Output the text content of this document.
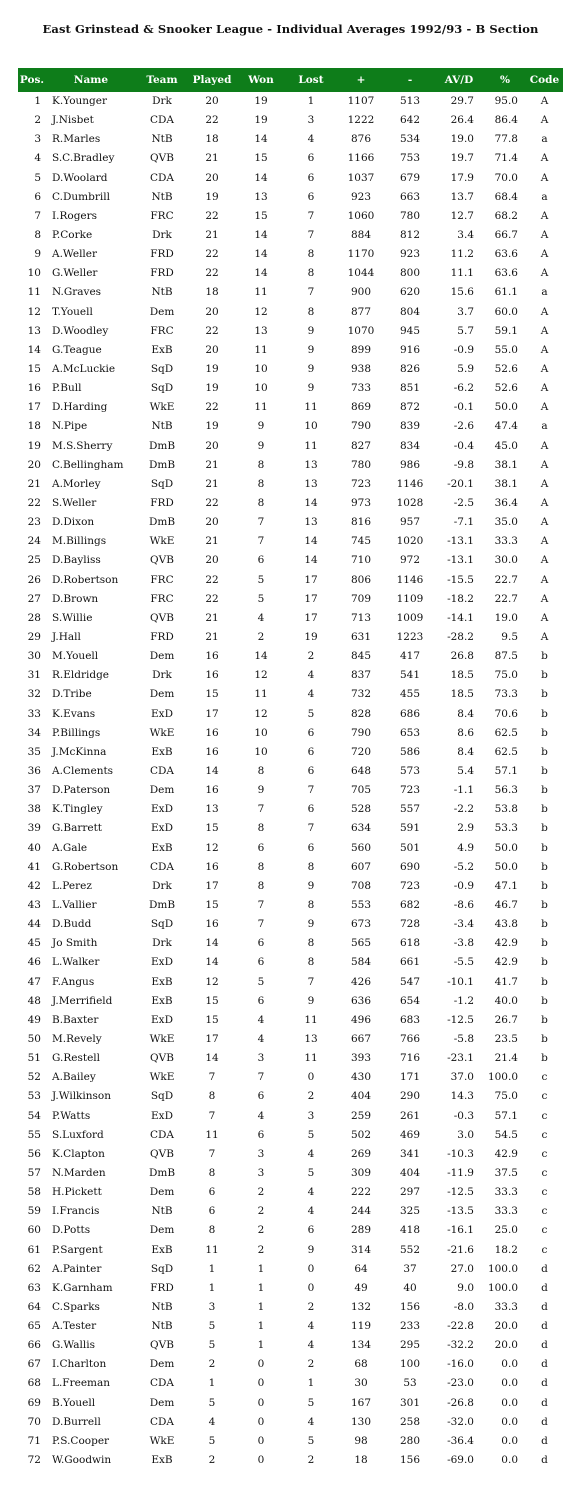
East Grinstead & Snooker League - Individual Averages 1992/93 - B Section
Pos.	Name	Team	Played	Won	Lost	+	-	AV/D	%	Code
1	K.Younger	Drk	20	19	1	1107	513	29.7	95.0	A
2	J.Nisbet	CDA	22	19	3	1222	642	26.4	86.4	A
3	R.Marles	NtB	18	14	4	876	534	19.0	77.8	a
4	S.C.Bradley	QVB	21	15	6	1166	753	19.7	71.4	A
5	D.Woolard	CDA	20	14	6	1037	679	17.9	70.0	A
6	C.Dumbrill	NtB	19	13	6	923	663	13.7	68.4	a
7	I.Rogers	FRC	22	15	7	1060	780	12.7	68.2	A
8	P.Corke	Drk	21	14	7	884	812	3.4	66.7	A
9	A.Weller	FRD	22	14	8	1170	923	11.2	63.6	A
10	G.Weller	FRD	22	14	8	1044	800	11.1	63.6	A
11	N.Graves	NtB	18	11	7	900	620	15.6	61.1	a
12	T.Youell	Dem	20	12	8	877	804	3.7	60.0	A
13	D.Woodley	FRC	22	13	9	1070	945	5.7	59.1	A
14	G.Teague	ExB	20	11	9	899	916	-0.9	55.0	A
15	A.McLuckie	SqD	19	10	9	938	826	5.9	52.6	A
16	P.Bull	SqD	19	10	9	733	851	-6.2	52.6	A
17	D.Harding	WkE	22	11	11	869	872	-0.1	50.0	A
18	N.Pipe	NtB	19	9	10	790	839	-2.6	47.4	a
19	M.S.Sherry	DmB	20	9	11	827	834	-0.4	45.0	A
20	C.Bellingham	DmB	21	8	13	780	986	-9.8	38.1	A
21	A.Morley	SqD	21	8	13	723	1146	-20.1	38.1	A
22	S.Weller	FRD	22	8	14	973	1028	-2.5	36.4	A
23	D.Dixon	DmB	20	7	13	816	957	-7.1	35.0	A
24	M.Billings	WkE	21	7	14	745	1020	-13.1	33.3	A
25	D.Bayliss	QVB	20	6	14	710	972	-13.1	30.0	A
26	D.Robertson	FRC	22	5	17	806	1146	-15.5	22.7	A
27	D.Brown	FRC	22	5	17	709	1109	-18.2	22.7	A
28	S.Willie	QVB	21	4	17	713	1009	-14.1	19.0	A
29	J.Hall	FRD	21	2	19	631	1223	-28.2	9.5	A
30	M.Youell	Dem	16	14	2	845	417	26.8	87.5	b
31	R.Eldridge	Drk	16	12	4	837	541	18.5	75.0	b
32	D.Tribe	Dem	15	11	4	732	455	18.5	73.3	b
33	K.Evans	ExD	17	12	5	828	686	8.4	70.6	b
34	P.Billings	WkE	16	10	6	790	653	8.6	62.5	b
35	J.McKinna	ExB	16	10	6	720	586	8.4	62.5	b
36	A.Clements	CDA	14	8	6	648	573	5.4	57.1	b
37	D.Paterson	Dem	16	9	7	705	723	-1.1	56.3	b
38	K.Tingley	ExD	13	7	6	528	557	-2.2	53.8	b
39	G.Barrett	ExD	15	8	7	634	591	2.9	53.3	b
40	A.Gale	ExB	12	6	6	560	501	4.9	50.0	b
41	G.Robertson	CDA	16	8	8	607	690	-5.2	50.0	b
42	L.Perez	Drk	17	8	9	708	723	-0.9	47.1	b
43	L.Vallier	DmB	15	7	8	553	682	-8.6	46.7	b
44	D.Budd	SqD	16	7	9	673	728	-3.4	43.8	b
45	Jo Smith	Drk	14	6	8	565	618	-3.8	42.9	b
46	L.Walker	ExD	14	6	8	584	661	-5.5	42.9	b
47	F.Angus	ExB	12	5	7	426	547	-10.1	41.7	b
48	J.Merrifield	ExB	15	6	9	636	654	-1.2	40.0	b
49	B.Baxter	ExD	15	4	11	496	683	-12.5	26.7	b
50	M.Revely	WkE	17	4	13	667	766	-5.8	23.5	b
51	G.Restell	QVB	14	3	11	393	716	-23.1	21.4	b
52	A.Bailey	WkE	7	7	0	430	171	37.0	100.0	c
53	J.Wilkinson	SqD	8	6	2	404	290	14.3	75.0	c
54	P.Watts	ExD	7	4	3	259	261	-0.3	57.1	c
55	S.Luxford	CDA	11	6	5	502	469	3.0	54.5	c
56	K.Clapton	QVB	7	3	4	269	341	-10.3	42.9	c
57	N.Marden	DmB	8	3	5	309	404	-11.9	37.5	c
58	H.Pickett	Dem	6	2	4	222	297	-12.5	33.3	c
59	I.Francis	NtB	6	2	4	244	325	-13.5	33.3	c
60	D.Potts	Dem	8	2	6	289	418	-16.1	25.0	c
61	P.Sargent	ExB	11	2	9	314	552	-21.6	18.2	c
62	A.Painter	SqD	1	1	0	64	37	27.0	100.0	d
63	K.Garnham	FRD	1	1	0	49	40	9.0	100.0	d
64	C.Sparks	NtB	3	1	2	132	156	-8.0	33.3	d
65	A.Tester	NtB	5	1	4	119	233	-22.8	20.0	d
66	G.Wallis	QVB	5	1	4	134	295	-32.2	20.0	d
67	I.Charlton	Dem	2	0	2	68	100	-16.0	0.0	d
68	L.Freeman	CDA	1	0	1	30	53	-23.0	0.0	d
69	B.Youell	Dem	5	0	5	167	301	-26.8	0.0	d
70	D.Burrell	CDA	4	0	4	130	258	-32.0	0.0	d
71	P.S.Cooper	WkE	5	0	5	98	280	-36.4	0.0	d
72	W.Goodwin	ExB	2	0	2	18	156	-69.0	0.0	d
